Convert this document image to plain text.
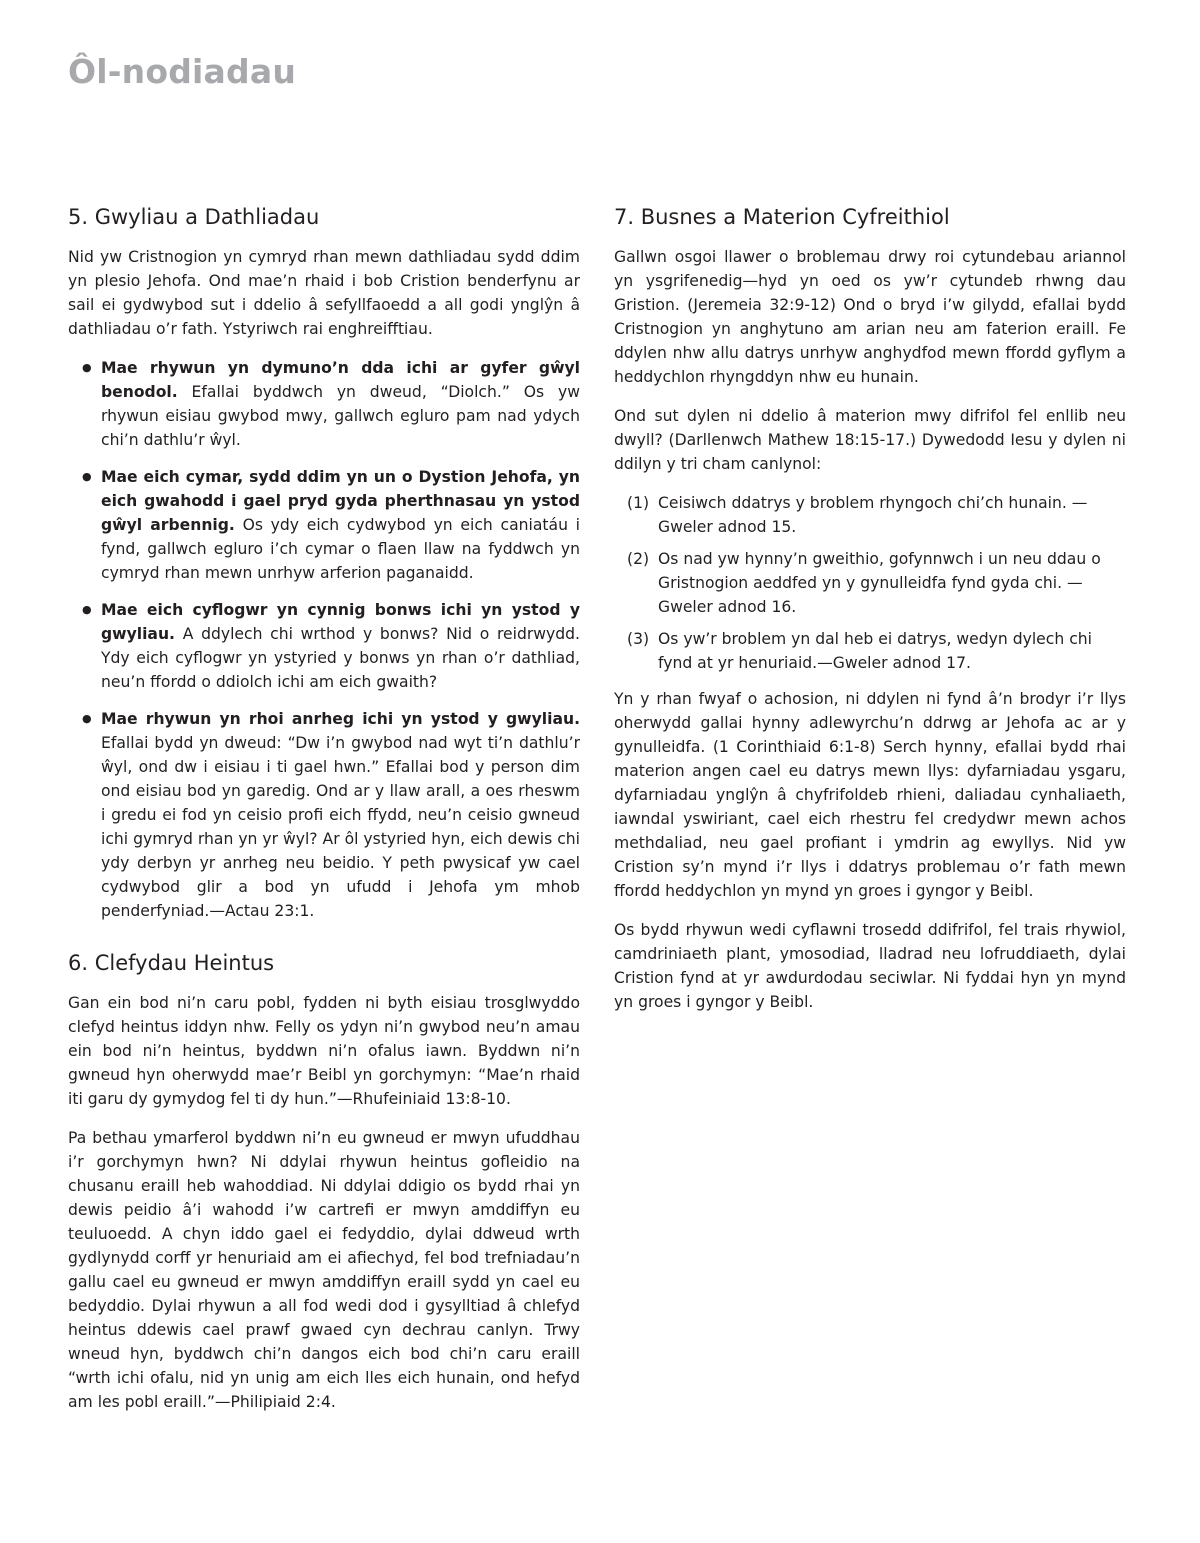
Ôl-nodiadau
5. Gwyliau a Dathliadau

Nid yw Cristnogion yn cymryd rhan mewn dathliadau sydd ddim yn plesio Jehofa. Ond mae’n rhaid i bob Cristion benderfynu ar sail ei gydwybod sut i ddelio â sefyllfaoedd a all godi ynglŷn â dathliadau o’r fath. Ystyriwch rai enghreifftiau.

● Mae rhywun yn dymuno’n dda ichi ar gyfer gŵyl benodol. Efallai byddwch yn dweud, “Diolch.” Os yw rhywun eisiau gwybod mwy, gallwch egluro pam nad ydych chi’n dathlu’r ŵyl.
● Mae eich cymar, sydd ddim yn un o Dystion Jehofa, yn eich gwahodd i gael pryd gyda pherthnasau yn ystod gŵyl arbennig. Os ydy eich cydwybod yn eich caniatáu i fynd, gallwch egluro i’ch cymar o flaen llaw na fyddwch yn cymryd rhan mewn unrhyw arferion paganaidd.
● Mae eich cyflogwr yn cynnig bonws ichi yn ystod y gwyliau. A ddylech chi wrthod y bonws? Nid o reidrwydd. Ydy eich cyflogwr yn ystyried y bonws yn rhan o’r dathliad, neu’n ffordd o ddiolch ichi am eich gwaith?
● Mae rhywun yn rhoi anrheg ichi yn ystod y gwyliau. Efallai bydd yn dweud: “Dw i’n gwybod nad wyt ti’n dathlu’r ŵyl, ond dw i eisiau i ti gael hwn.” Efallai bod y person dim ond eisiau bod yn garedig. Ond ar y llaw arall, a oes rheswm i gredu ei fod yn ceisio profi eich ffydd, neu’n ceisio gwneud ichi gymryd rhan yn yr ŵyl? Ar ôl ystyried hyn, eich dewis chi ydy derbyn yr anrheg neu beidio. Y peth pwysicaf yw cael cydwybod glir a bod yn ufudd i Jehofa ym mhob penderfyniad.—Actau 23:1.
6. Clefydau Heintus

Gan ein bod ni’n caru pobl, fydden ni byth eisiau trosglwyddo clefyd heintus iddyn nhw. Felly os ydyn ni’n gwybod neu’n amau ein bod ni’n heintus, byddwn ni’n ofalus iawn. Byddwn ni’n gwneud hyn oherwydd mae’r Beibl yn gorchymyn: “Mae’n rhaid iti garu dy gymydog fel ti dy hun.”—Rhufeiniaid 13:8-10.

Pa bethau ymarferol byddwn ni’n eu gwneud er mwyn ufuddhau i’r gorchymyn hwn? Ni ddylai rhywun heintus gofleidio na chusanu eraill heb wahoddiad. Ni ddylai ddigio os bydd rhai yn dewis peidio â’i wahodd i’w cartrefi er mwyn amddiffyn eu teuluoedd. A chyn iddo gael ei fedyddio, dylai ddweud wrth gydlynydd corff yr henuriaid am ei afiechyd, fel bod trefniadau’n gallu cael eu gwneud er mwyn amddiffyn eraill sydd yn cael eu bedyddio. Dylai rhywun a all fod wedi dod i gysylltiad â chlefyd heintus ddewis cael prawf gwaed cyn dechrau canlyn. Trwy wneud hyn, byddwch chi’n dangos eich bod chi’n caru eraill “wrth ichi ofalu, nid yn unig am eich lles eich hunain, ond hefyd am les pobl eraill.”—Philipiaid 2:4.

7. Busnes a Materion Cyfreithiol

Gallwn osgoi llawer o broblemau drwy roi cytundebau ariannol yn ysgrifenedig—hyd yn oed os yw’r cytundeb rhwng dau Gristion. (Jeremeia 32:9-12) Ond o bryd i’w gilydd, efallai bydd Cristnogion yn anghytuno am arian neu am faterion eraill. Fe ddylen nhw allu datrys unrhyw anghydfod mewn ffordd gyflym a heddychlon rhyngddyn nhw eu hunain.

Ond sut dylen ni ddelio â materion mwy difrifol fel enllib neu dwyll? (Darllenwch Mathew 18:15-17.) Dywedodd Iesu y dylen ni ddilyn y tri cham canlynol:

(1) Ceisiwch ddatrys y broblem rhyngoch chi’ch hunain. —Gweler adnod 15.
(2) Os nad yw hynny’n gweithio, gofynnwch i un neu ddau o Gristnogion aeddfed yn y gynulleidfa fynd gyda chi. —Gweler adnod 16.
(3) Os yw’r broblem yn dal heb ei datrys, wedyn dylech chi fynd at yr henuriaid.—Gweler adnod 17.

Yn y rhan fwyaf o achosion, ni ddylen ni fynd â’n brodyr i’r llys oherwydd gallai hynny adlewyrchu’n ddrwg ar Jehofa ac ar y gynulleidfa. (1 Corinthiaid 6:1-8) Serch hynny, efallai bydd rhai materion angen cael eu datrys mewn llys: dyfarniadau ysgaru, dyfarniadau ynglŷn â chyfrifoldeb rhieni, daliadau cynhaliaeth, iawndal yswiriant, cael eich rhestru fel credydwr mewn achos methdaliad, neu gael profiant i ymdrin ag ewyllys. Nid yw Cristion sy’n mynd i’r llys i ddatrys problemau o’r fath mewn ffordd heddychlon yn mynd yn groes i gyngor y Beibl.

Os bydd rhywun wedi cyflawni trosedd ddifrifol, fel trais rhywiol, camdriniaeth plant, ymosodiad, lladrad neu lofruddiaeth, dylai Cristion fynd at yr awdurdodau seciwlar. Ni fyddai hyn yn mynd yn groes i gyngor y Beibl.
